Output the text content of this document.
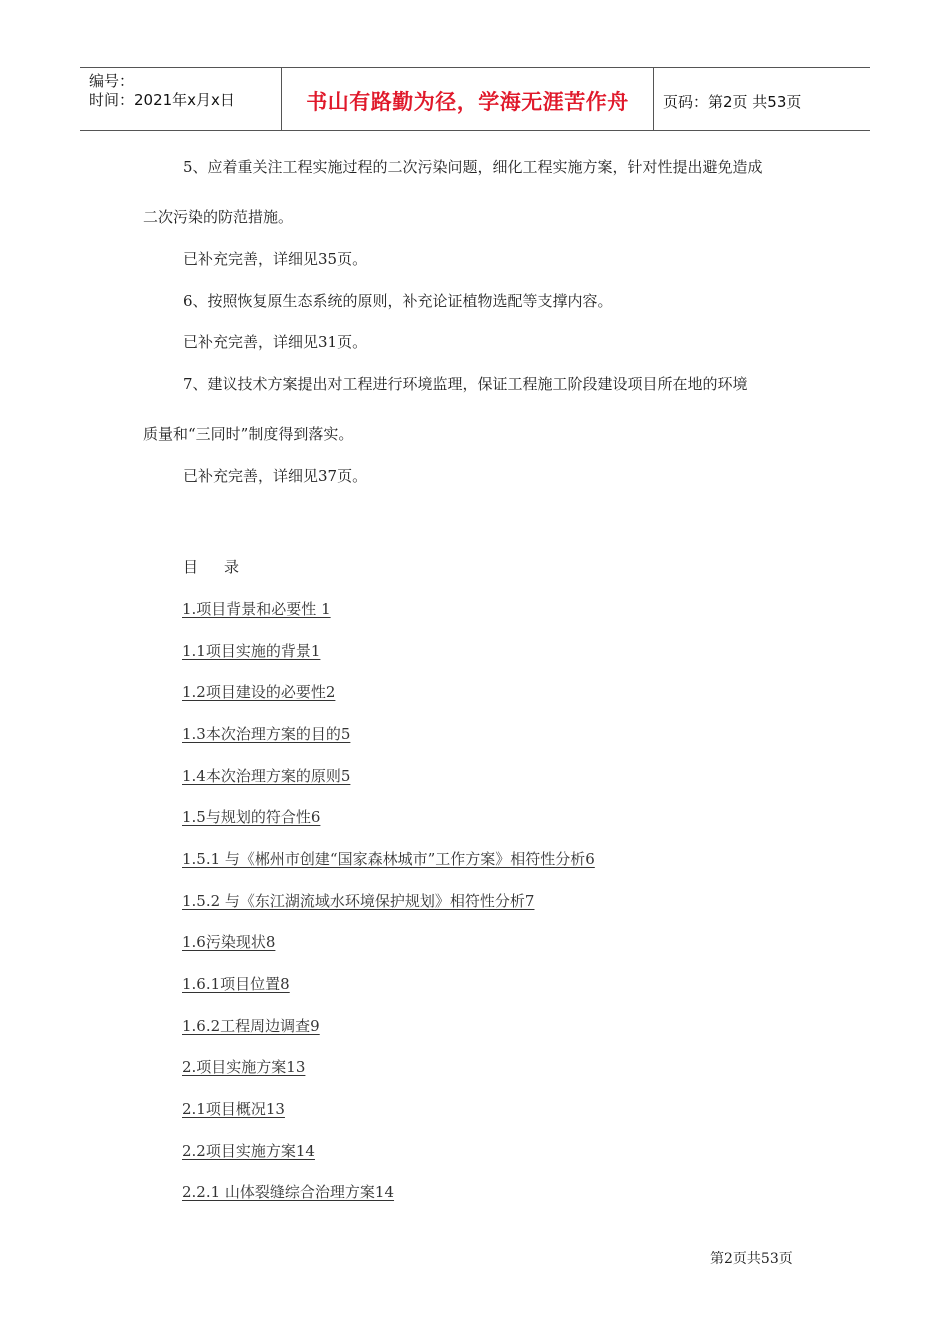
编号：
时间：2021年x月x日	书山有路勤为径，学海无涯苦作舟 页码：第2页 共53页
5、应着重关注工程实施过程的二次污染问题，细化工程实施方案，针对性提出避免造成
二次污染的防范措施。
已补充完善，详细见35页。
6、按照恢复原生态系统的原则，补充论证植物选配等支撑内容。
已补充完善，详细见31页。
7、建议技术方案提出对工程进行环境监理，保证工程施工阶段建设项目所在地的环境
质量和“三同时”制度得到落实。
已补充完善，详细见37页。
目 录
1.项目背景和必要性 1
1.1项目实施的背景1
1.2项目建设的必要性2
1.3本次治理方案的目的5
1.4本次治理方案的原则5
1.5与规划的符合性6
1.5.1 与《郴州市创建“国家森林城市”工作方案》相符性分析6
1.5.2 与《东江湖流域水环境保护规划》相符性分析7
1.6污染现状8
1.6.1项目位置8
1.6.2工程周边调查9
2.项目实施方案13
2.1项目概况13
2.2项目实施方案14
2.2.1 山体裂缝综合治理方案14
第2页共53页
